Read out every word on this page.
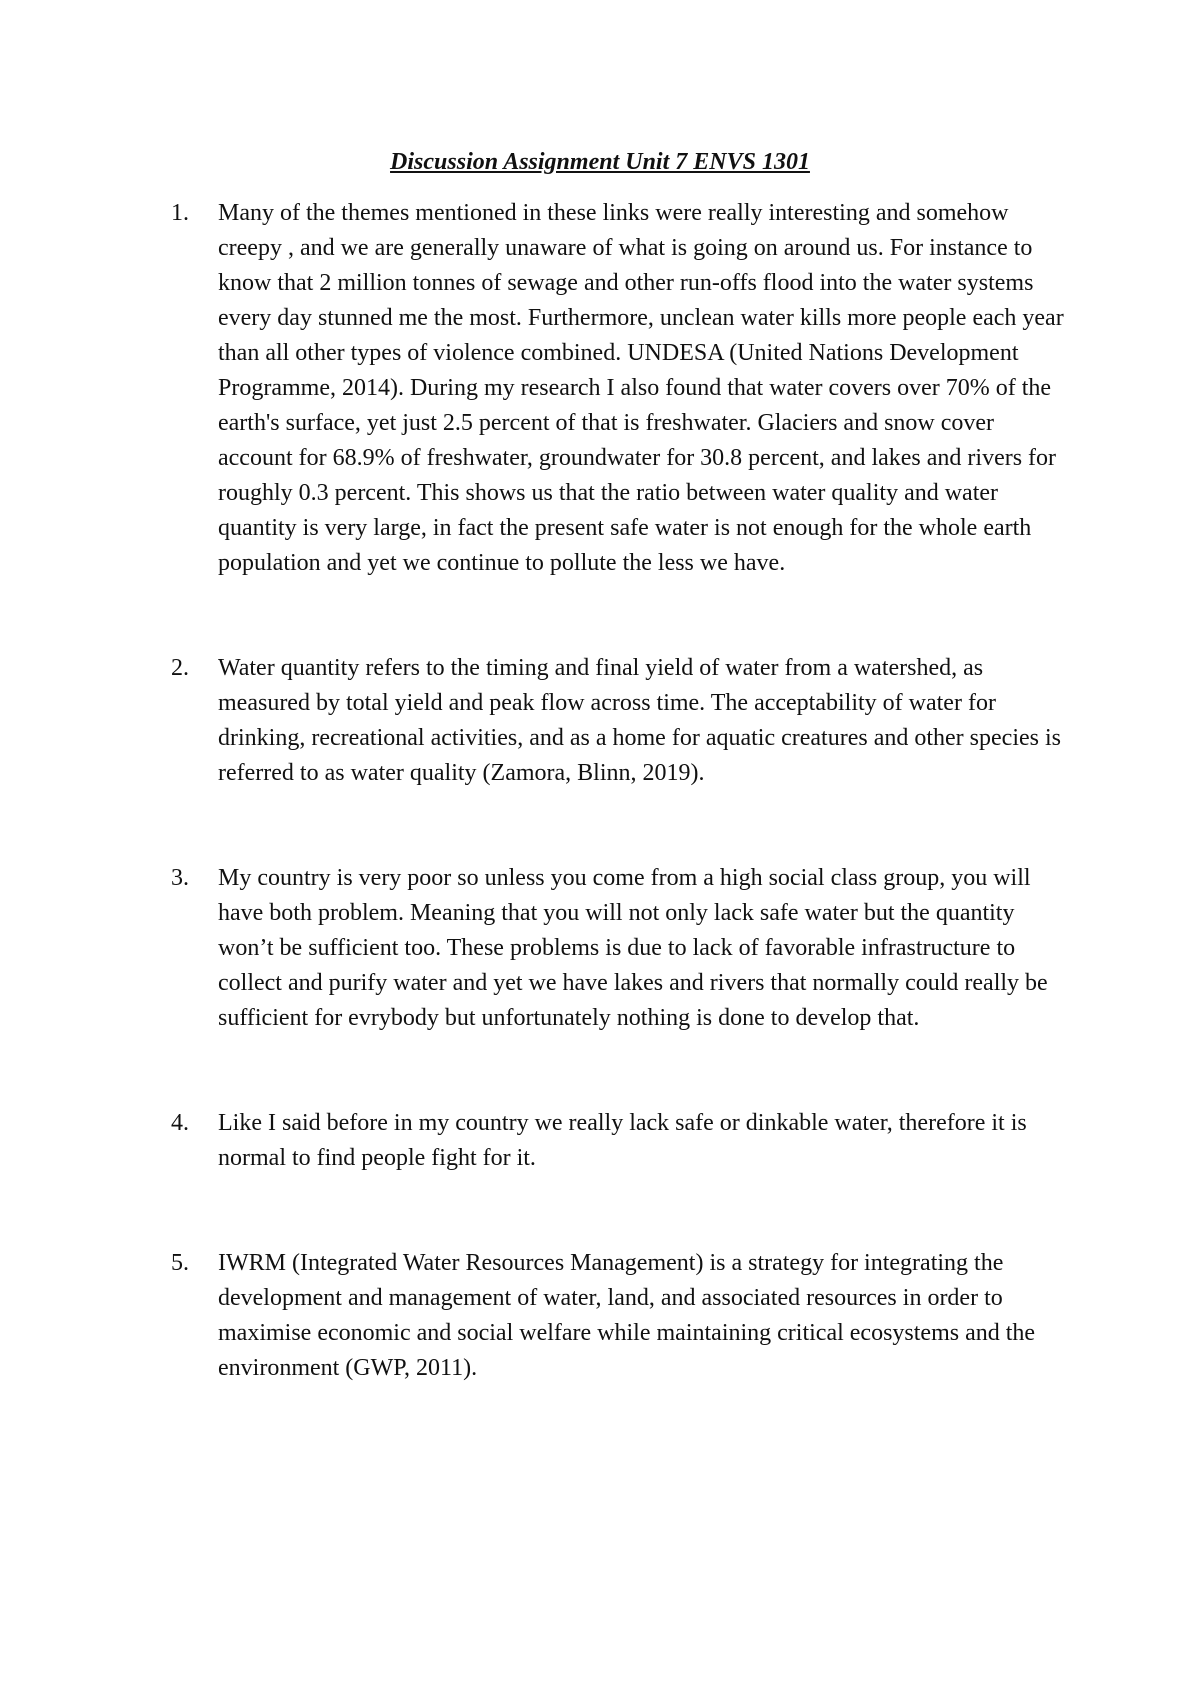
Discussion Assignment Unit 7 ENVS 1301
1. Many of the themes mentioned in these links were really interesting and somehow creepy , and we are generally unaware of what is going on around us. For instance to know that 2 million tonnes of sewage and other run-offs flood into the water systems every day stunned me the most. Furthermore, unclean water kills more people each year than all other types of violence combined. UNDESA (United Nations Development Programme, 2014). During my research I also found that water covers over 70% of the earth's surface, yet just 2.5 percent of that is freshwater. Glaciers and snow cover account for 68.9% of freshwater, groundwater for 30.8 percent, and lakes and rivers for roughly 0.3 percent. This shows us that the ratio between water quality and water quantity is very large, in fact the present safe water is not enough for the whole earth population and yet we continue to pollute the less we have.
2. Water quantity refers to the timing and final yield of water from a watershed, as measured by total yield and peak flow across time. The acceptability of water for drinking, recreational activities, and as a home for aquatic creatures and other species is referred to as water quality (Zamora, Blinn, 2019).
3. My country is very poor so unless you come from a high social class group, you will have both problem. Meaning that you will not only lack safe water but the quantity won’t be sufficient too. These problems is due to lack of favorable infrastructure to collect and purify water and yet we have lakes and rivers that normally could really be sufficient for evrybody but unfortunately nothing is done to develop that.
4. Like I said before in my country we really lack safe or dinkable water, therefore it is normal to find people fight for it.
5. IWRM (Integrated Water Resources Management) is a strategy for integrating the development and management of water, land, and associated resources in order to maximise economic and social welfare while maintaining critical ecosystems and the environment (GWP, 2011).
